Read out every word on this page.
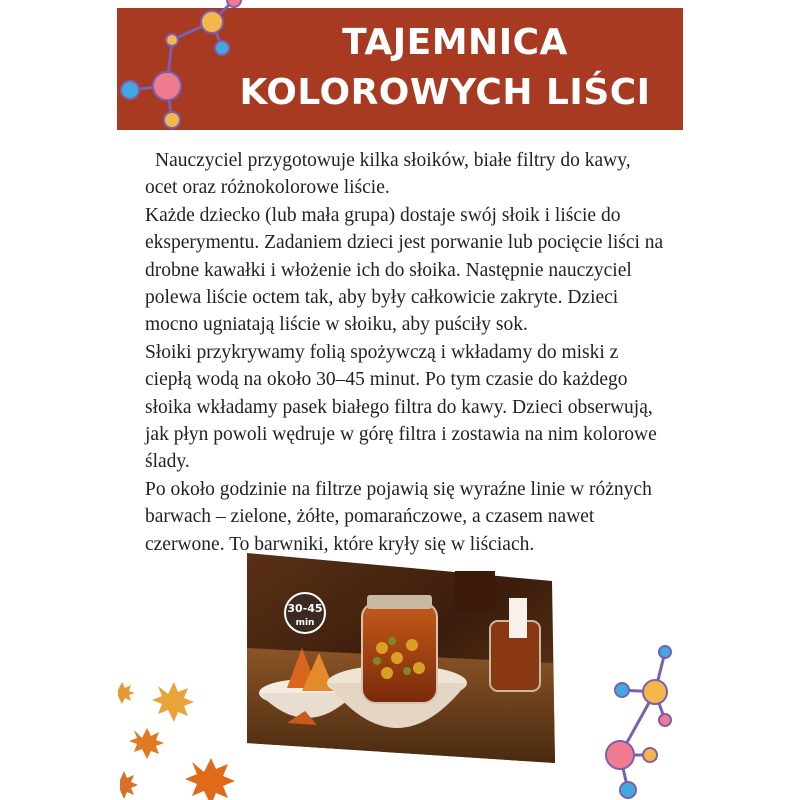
TAJEMNICA
KOLOROWYCH LIŚCI

Nauczyciel przygotowuje kilka słoików, białe filtry do kawy, ocet oraz różnokolorowe liście.

Każde dziecko (lub mała grupa) dostaje swój słoik i liście do eksperymentu. Zadaniem dzieci jest porwanie lub pocięcie liści na drobne kawałki i włożenie ich do słoika. Następnie nauczyciel polewa liście octem tak, aby były całkowicie zakryte. Dzieci mocno ugniatają liście w słoiku, aby puściły sok.

Słoiki przykrywamy folią spożywczą i wkładamy do miski z ciepłą wodą na około 30–45 minut. Po tym czasie do każdego słoika wkładamy pasek białego filtra do kawy. Dzieci obserwują, jak płyn powoli wędruje w górę filtra i zostawia na nim kolorowe ślady.

Po około godzinie na filtrze pojawią się wyraźne linie w różnych barwach – zielone, żółte, pomarańczowe, a czasem nawet czerwone. To barwniki, które kryły się w liściach.

30-45
min
